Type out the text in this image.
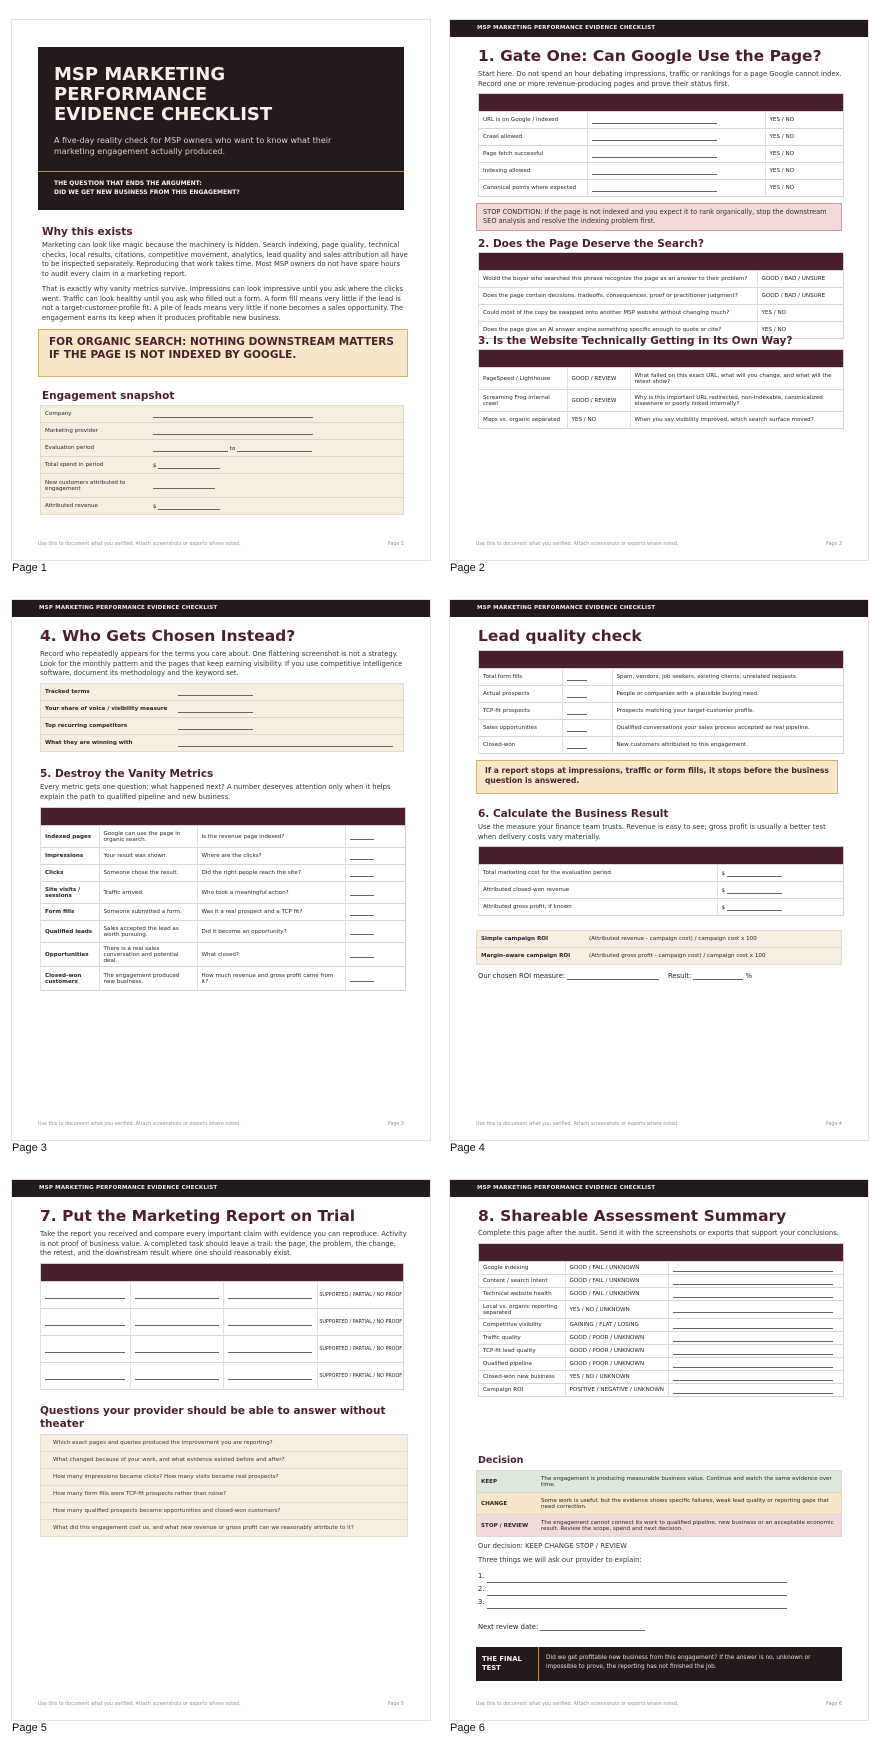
MSP MARKETING
PERFORMANCE
EVIDENCE CHECKLIST
A five-day reality check for MSP owners who want to know what their marketing engagement actually produced.
THE QUESTION THAT ENDS THE ARGUMENT:
DID WE GET NEW BUSINESS FROM THIS ENGAGEMENT?
Why this exists
Marketing can look like magic because the machinery is hidden. Search indexing, page quality, technical checks, local results, citations, competitive movement, analytics, lead quality and sales attribution all have to be inspected separately. Reproducing that work takes time. Most MSP owners do not have spare hours to audit every claim in a marketing report.
That is exactly why vanity metrics survive. Impressions can look impressive until you ask where the clicks went. Traffic can look healthy until you ask who filled out a form. A form fill means very little if the lead is not a target-customer-profile fit. A pile of leads means very little if none becomes a sales opportunity. The engagement earns its keep when it produces profitable new business.
FOR ORGANIC SEARCH: NOTHING DOWNSTREAM MATTERS IF THE PAGE IS NOT INDEXED BY GOOGLE.
Engagement snapshot
Company	
Marketing provider	
Evaluation period	to
Total spend in period	$
New customers attributed to engagement	
Attributed revenue	$
Use this to document what you verified. Attach screenshots or exports where noted.	Page 1
Page 1
MSP MARKETING PERFORMANCE EVIDENCE CHECKLIST
1. Gate One: Can Google Use the Page?
Start here. Do not spend an hour debating impressions, traffic or rankings for a page Google cannot index. Record one or more revenue-producing pages and prove their status first.

URL is on Google / indexed		YES / NO
Crawl allowed		YES / NO
Page fetch successful		YES / NO
Indexing allowed		YES / NO
Canonical points where expected		YES / NO
STOP CONDITION: If the page is not indexed and you expect it to rank organically, stop the downstream SEO analysis and resolve the indexing problem first.
2. Does the Page Deserve the Search?

Would the buyer who searched this phrase recognize the page as an answer to their problem?	GOOD / BAD / UNSURE
Does the page contain decisions, tradeoffs, consequences, proof or practitioner judgment?	GOOD / BAD / UNSURE
Could most of the copy be swapped onto another MSP website without changing much?	YES / NO
Does the page give an AI answer engine something specific enough to quote or cite?	YES / NO
3. Is the Website Technically Getting in Its Own Way?

PageSpeed / Lighthouse	GOOD / REVIEW	What failed on this exact URL, what will you change, and what will the retest show?
Screaming Frog internal crawl	GOOD / REVIEW	Why is this important URL redirected, non-indexable, canonicalized elsewhere or poorly linked internally?
Maps vs. organic separated	YES / NO	When you say visibility improved, which search surface moved?
Use this to document what you verified. Attach screenshots or exports where noted.	Page 2
Page 2
MSP MARKETING PERFORMANCE EVIDENCE CHECKLIST
4. Who Gets Chosen Instead?
Record who repeatedly appears for the terms you care about. One flattering screenshot is not a strategy. Look for the monthly pattern and the pages that keep earning visibility. If you use competitive intelligence software, document its methodology and the keyword set.
Tracked terms	
Your share of voice / visibility measure	
Top recurring competitors	
What they are winning with	
5. Destroy the Vanity Metrics
Every metric gets one question: what happened next? A number deserves attention only when it helps explain the path to qualified pipeline and new business.

Indexed pages	Google can use the page in organic search.	Is the revenue page indexed?	
Impressions	Your result was shown.	Where are the clicks?	
Clicks	Someone chose the result.	Did the right people reach the site?	
Site visits / sessions	Traffic arrived.	Who took a meaningful action?	
Form fills	Someone submitted a form.	Was it a real prospect and a TCP fit?	
Qualified leads	Sales accepted the lead as worth pursuing.	Did it become an opportunity?	
Opportunities	There is a real sales conversation and potential deal.	What closed?	
Closed-won customers	The engagement produced new business.	How much revenue and gross profit came from it?	
Use this to document what you verified. Attach screenshots or exports where noted.	Page 3
Page 3
MSP MARKETING PERFORMANCE EVIDENCE CHECKLIST
Lead quality check

Total form fills		Spam, vendors, job seekers, existing clients, unrelated requests.
Actual prospects		People or companies with a plausible buying need.
TCP-fit prospects		Prospects matching your target-customer profile.
Sales opportunities		Qualified conversations your sales process accepted as real pipeline.
Closed-won		New customers attributed to this engagement.
If a report stops at impressions, traffic or form fills, it stops before the business question is answered.
6. Calculate the Business Result
Use the measure your finance team trusts. Revenue is easy to see; gross profit is usually a better test when delivery costs vary materially.

Total marketing cost for the evaluation period	$
Attributed closed-won revenue	$
Attributed gross profit, if known	$
Simple campaign ROI	(Attributed revenue - campaign cost) / campaign cost x 100
Margin-aware campaign ROI	(Attributed gross profit - campaign cost) / campaign cost x 100
Our chosen ROI measure:	Result:	%
Use this to document what you verified. Attach screenshots or exports where noted.	Page 4
Page 4
MSP MARKETING PERFORMANCE EVIDENCE CHECKLIST
7. Put the Marketing Report on Trial
Take the report you received and compare every important claim with evidence you can reproduce. Activity is not proof of business value. A completed task should leave a trail: the page, the problem, the change, the retest, and the downstream result where one should reasonably exist.

			SUPPORTED / PARTIAL / NO PROOF
			SUPPORTED / PARTIAL / NO PROOF
			SUPPORTED / PARTIAL / NO PROOF
			SUPPORTED / PARTIAL / NO PROOF
Questions your provider should be able to answer without theater
Which exact pages and queries produced the improvement you are reporting?
What changed because of your work, and what evidence existed before and after?
How many impressions became clicks? How many visits became real prospects?
How many form fills were TCP-fit prospects rather than noise?
How many qualified prospects became opportunities and closed-won customers?
What did this engagement cost us, and what new revenue or gross profit can we reasonably attribute to it?
Use this to document what you verified. Attach screenshots or exports where noted.	Page 5
Page 5
MSP MARKETING PERFORMANCE EVIDENCE CHECKLIST
8. Shareable Assessment Summary
Complete this page after the audit. Send it with the screenshots or exports that support your conclusions.

Google indexing	GOOD / FAIL / UNKNOWN	
Content / search intent	GOOD / FAIL / UNKNOWN	
Technical website health	GOOD / FAIL / UNKNOWN	
Local vs. organic reporting separated	YES / NO / UNKNOWN	
Competitive visibility	GAINING / FLAT / LOSING	
Traffic quality	GOOD / POOR / UNKNOWN	
TCP-fit lead quality	GOOD / POOR / UNKNOWN	
Qualified pipeline	GOOD / POOR / UNKNOWN	
Closed-won new business	YES / NO / UNKNOWN	
Campaign ROI	POSITIVE / NEGATIVE / UNKNOWN	
Decision
KEEP	The engagement is producing measurable business value. Continue and watch the same evidence over time.
CHANGE	Some work is useful, but the evidence shows specific failures, weak lead quality or reporting gaps that need correction.
STOP / REVIEW	The engagement cannot connect its work to qualified pipeline, new business or an acceptable economic result. Review the scope, spend and next decision.
Our decision: KEEP CHANGE STOP / REVIEW
Three things we will ask our provider to explain:
1.
2.
3.
Next review date:
THE FINAL TEST
Did we get profitable new business from this engagement? If the answer is no, unknown or impossible to prove, the reporting has not finished the job.
Use this to document what you verified. Attach screenshots or exports where noted.	Page 6
Page 6
